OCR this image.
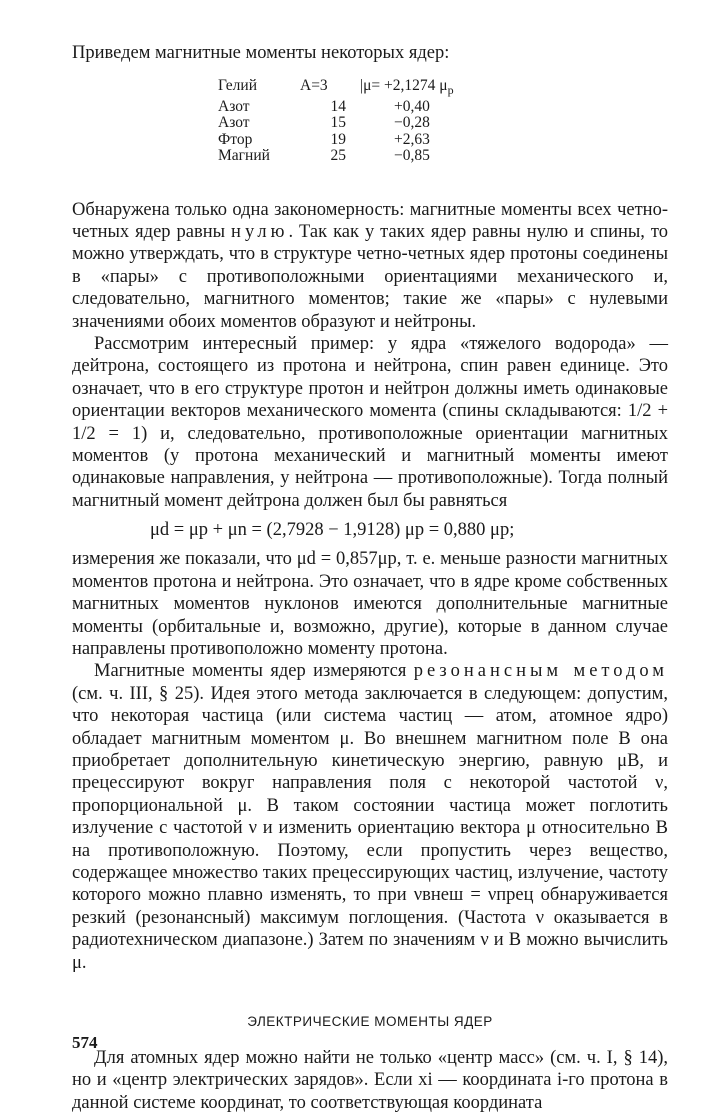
Приведем магнитные моменты некоторых ядер:

Гелий	A=3	|μ= +2,1274 $\mu_p$
Азот	14	+0,40
Азот	15	−0,28
Фтор	19	+2,63
Магний	25	−0,85

Обнаружена только одна закономерность: магнитные моменты всех четно-четных ядер равны нулю. Так как у таких ядер равны нулю и спины, то можно утверждать, что в структуре четно-четных ядер протоны соединены в «пары» с противоположными ориентациями механического и, следовательно, магнитного моментов; такие же «пары» с нулевыми значениями обоих моментов образуют и нейтроны.

Рассмотрим интересный пример: у ядра «тяжелого водорода» — дейтрона, состоящего из протона и нейтрона, спин равен единице. Это означает, что в его структуре протон и нейтрон должны иметь одинаковые ориентации векторов механического момента (спины складываются: 1/2 + 1/2 = 1) и, следовательно, противоположные ориентации магнитных моментов (у протона механический и магнитный моменты имеют одинаковые направления, у нейтрона — противоположные). Тогда полный магнитный момент дейтрона должен был бы равняться

μd = μp + μn = (2,7928 − 1,9128) μp = 0,880 μp;

измерения же показали, что μd = 0,857μp, т. е. меньше разности магнитных моментов протона и нейтрона. Это означает, что в ядре кроме собственных магнитных моментов нуклонов имеются дополнительные магнитные моменты (орбитальные и, возможно, другие), которые в данном случае направлены противоположно моменту протона.

Магнитные моменты ядер измеряются резонансным методом (см. ч. III, § 25). Идея этого метода заключается в следующем: допустим, что некоторая частица (или система частиц — атом, атомное ядро) обладает магнитным моментом μ. Во внешнем магнитном поле B она приобретает дополнительную кинетическую энергию, равную μB, и прецессируют вокруг направления поля с некоторой частотой ν, пропорциональной μ. В таком состоянии частица может поглотить излучение с частотой ν и изменить ориентацию вектора μ относительно B на противоположную. Поэтому, если пропустить через вещество, содержащее множество таких прецессирующих частиц, излучение, частоту которого можно плавно изменять, то при νвнеш = νпрец обнаруживается резкий (резонансный) максимум поглощения. (Частота ν оказывается в радиотехническом диапазоне.) Затем по значениям ν и B можно вычислить μ.

ЭЛЕКТРИЧЕСКИЕ МОМЕНТЫ ЯДЕР

Для атомных ядер можно найти не только «центр масс» (см. ч. I, § 14), но и «центр электрических зарядов». Если xi — координата i-го протона в данной системе координат, то соответствующая координата

574
